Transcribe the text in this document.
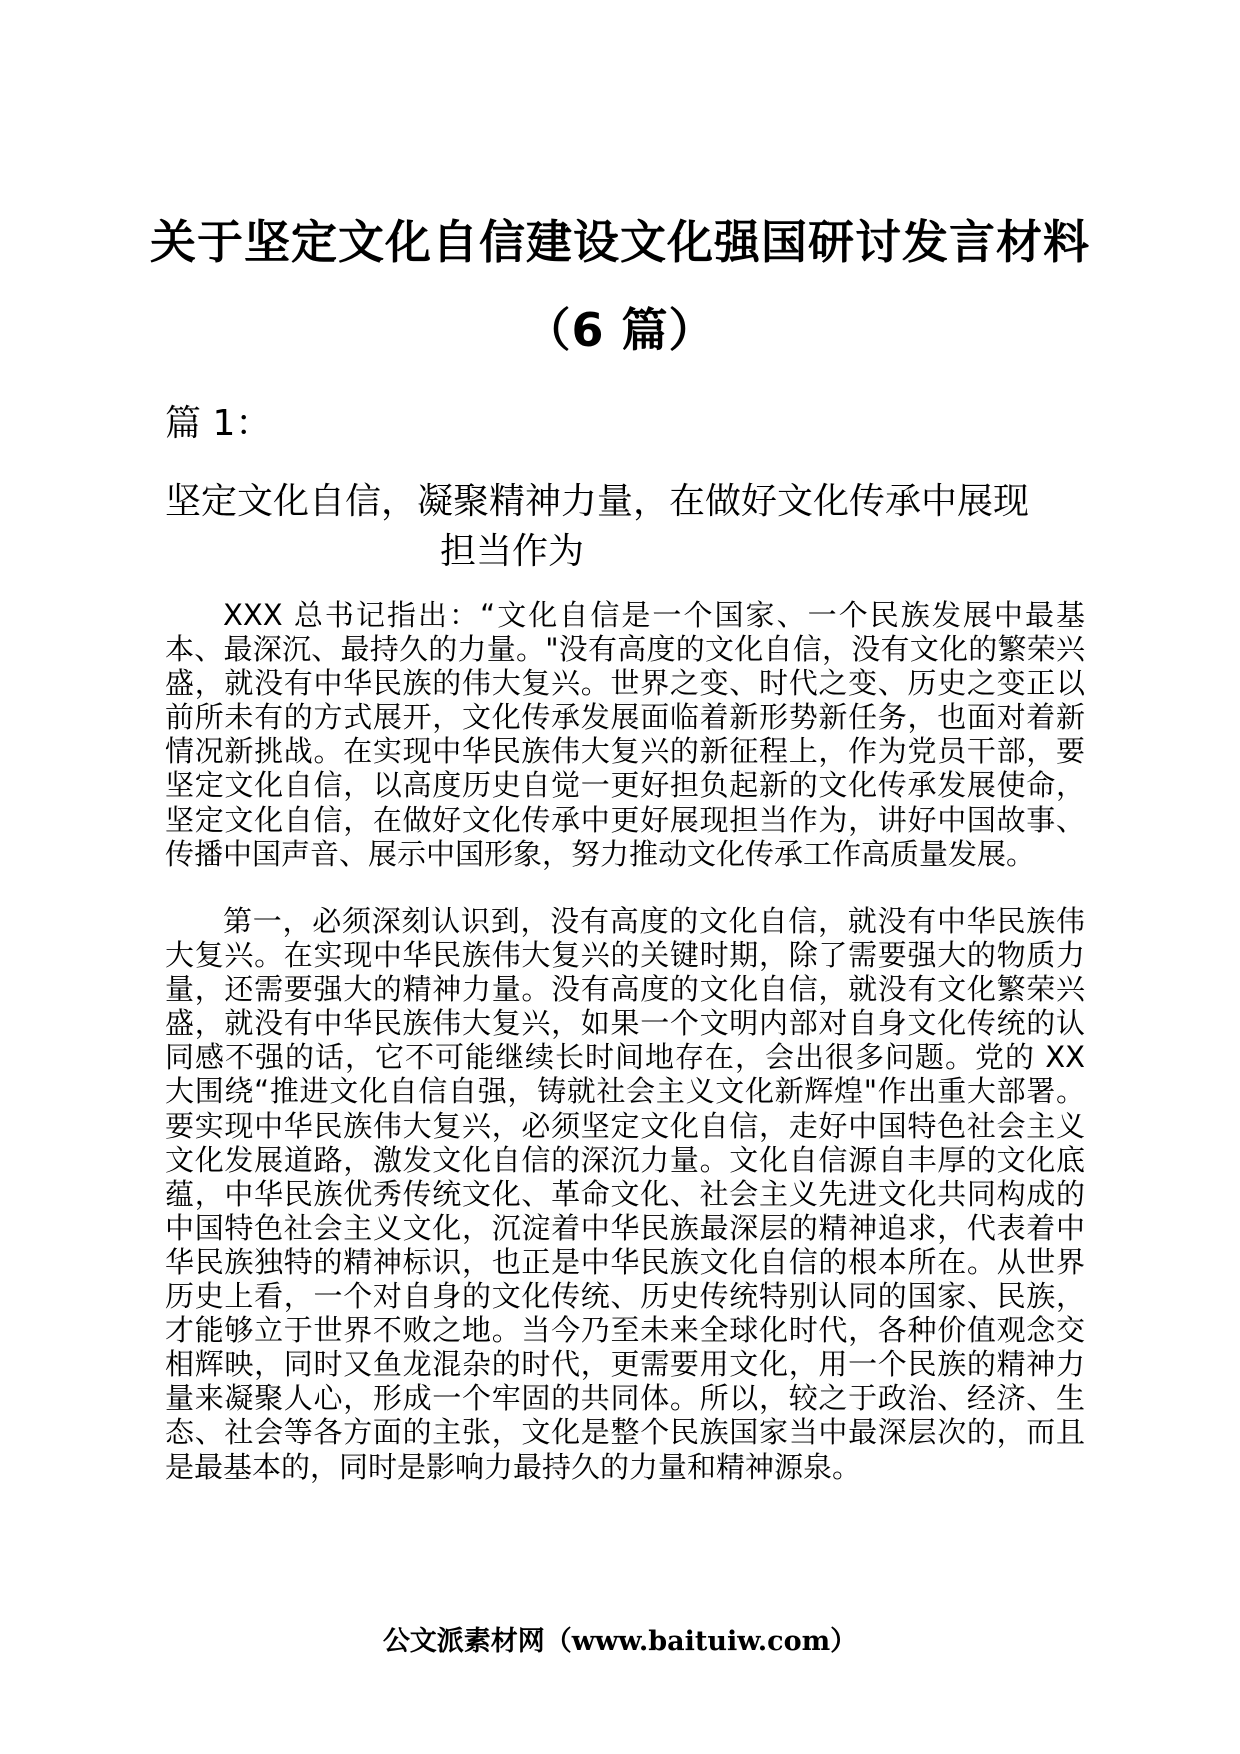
关于坚定文化自信建设文化强国研讨发言材料
（6 篇）
篇 1：
坚定文化自信，凝聚精神力量，在做好文化传承中展现
担当作为

XXX 总书记指出：“文化自信是一个国家、一个民族发展中最基本、最深沉、最持久的力量。"没有高度的文化自信，没有文化的繁荣兴盛，就没有中华民族的伟大复兴。世界之变、时代之变、历史之变正以前所未有的方式展开，文化传承发展面临着新形势新任务，也面对着新情况新挑战。在实现中华民族伟大复兴的新征程上，作为党员干部，要坚定文化自信，以高度历史自觉一更好担负起新的文化传承发展使命，坚定文化自信，在做好文化传承中更好展现担当作为，讲好中国故事、传播中国声音、展示中国形象，努力推动文化传承工作高质量发展。

第一，必须深刻认识到，没有高度的文化自信，就没有中华民族伟大复兴。在实现中华民族伟大复兴的关键时期，除了需要强大的物质力量，还需要强大的精神力量。没有高度的文化自信，就没有文化繁荣兴盛，就没有中华民族伟大复兴，如果一个文明内部对自身文化传统的认同感不强的话，它不可能继续长时间地存在，会出很多问题。党的 XX 大围绕“推进文化自信自强，铸就社会主义文化新辉煌"作出重大部署。要实现中华民族伟大复兴，必须坚定文化自信，走好中国特色社会主义文化发展道路，激发文化自信的深沉力量。文化自信源自丰厚的文化底蕴，中华民族优秀传统文化、革命文化、社会主义先进文化共同构成的中国特色社会主义文化，沉淀着中华民族最深层的精神追求，代表着中华民族独特的精神标识，也正是中华民族文化自信的根本所在。从世界历史上看，一个对自身的文化传统、历史传统特别认同的国家、民族，才能够立于世界不败之地。当今乃至未来全球化时代，各种价值观念交相辉映，同时又鱼龙混杂的时代，更需要用文化，用一个民族的精神力量来凝聚人心，形成一个牢固的共同体。所以，较之于政治、经济、生态、社会等各方面的主张，文化是整个民族国家当中最深层次的，而且是最基本的，同时是影响力最持久的力量和精神源泉。

公文派素材网（www.baituiw.com）
